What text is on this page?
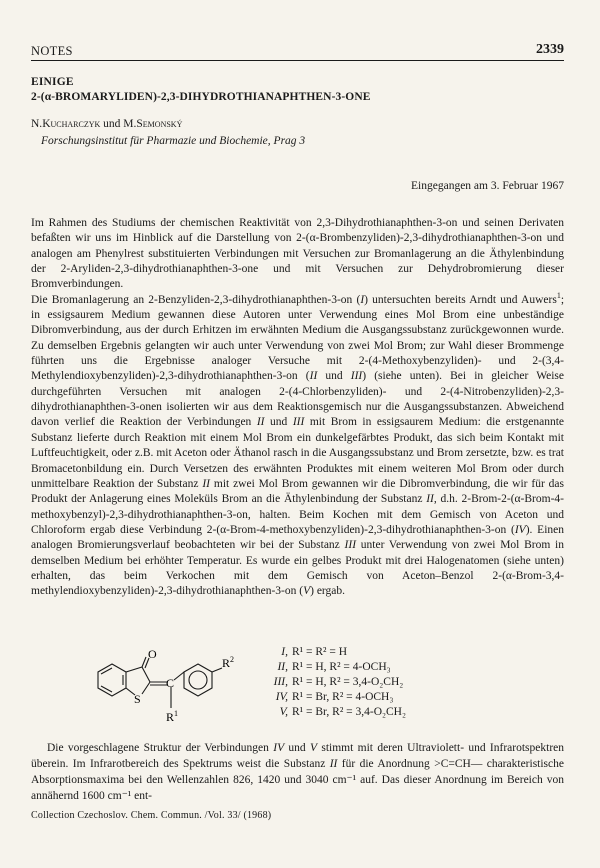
NOTES	2339
EINIGE
2-(α-BROMARYLIDEN)-2,3-DIHYDROTHIANAPHTHEN-3-ONE
N.Kucharczyk und M.Semonský
Forschungsinstitut für Pharmazie und Biochemie, Prag 3
Eingegangen am 3. Februar 1967

Im Rahmen des Studiums der chemischen Reaktivität von 2,3-Dihydrothianaphthen-3-on und seinen Derivaten befaßten wir uns im Hinblick auf die Darstellung von 2-(α-Brombenzyliden)-2,3-dihydrothianaphthen-3-on und analogen am Phenylrest substituierten Verbindungen mit Versuchen zur Bromanlagerung an die Äthylenbindung der 2-Aryliden-2,3-dihydrothianaphthen-3-one und mit Versuchen zur Dehydrobromierung dieser Bromverbindungen.

Die Bromanlagerung an 2-Benzyliden-2,3-dihydrothianaphthen-3-on (I) untersuchten bereits Arndt und Auwers$^1$; in essigsaurem Medium gewannen diese Autoren unter Verwendung eines Mol Brom eine unbeständige Dibromverbindung, aus der durch Erhitzen im erwähnten Medium die Ausgangssubstanz zurückgewonnen wurde. Zu demselben Ergebnis gelangten wir auch unter Verwendung von zwei Mol Brom; zur Wahl dieser Brommenge führten uns die Ergebnisse analoger Versuche mit 2-(4-Methoxybenzyliden)- und 2-(3,4-Methylendioxybenzyliden)-2,3-dihydrothianaphthen-3-on (II und III) (siehe unten). Bei in gleicher Weise durchgeführten Versuchen mit analogen 2-(4-Chlorbenzyliden)- und 2-(4-Nitrobenzyliden)-2,3-dihydrothianaphthen-3-onen isolierten wir aus dem Reaktionsgemisch nur die Ausgangssubstanzen. Abweichend davon verlief die Reaktion der Verbindungen II und III mit Brom in essigsaurem Medium: die erstgenannte Substanz lieferte durch Reaktion mit einem Mol Brom ein dunkelgefärbtes Produkt, das sich beim Kontakt mit Luftfeuchtigkeit, oder z.B. mit Aceton oder Äthanol rasch in die Ausgangssubstanz und Brom zersetzte, bzw. es trat Bromacetonbildung ein. Durch Versetzen des erwähnten Produktes mit einem weiteren Mol Brom oder durch unmittelbare Reaktion der Substanz II mit zwei Mol Brom gewannen wir die Dibromverbindung, die wir für das Produkt der Anlagerung eines Moleküls Brom an die Äthylenbindung der Substanz II, d.h. 2-Brom-2-(α-Brom-4-methoxybenzyl)-2,3-dihydrothianaphthen-3-on, halten. Beim Kochen mit dem Gemisch von Aceton und Chloroform ergab diese Verbindung 2-(α-Brom-4-methoxybenzyliden)-2,3-dihydrothianaphthen-3-on (IV). Einen analogen Bromierungsverlauf beobachteten wir bei der Substanz III unter Verwendung von zwei Mol Brom in demselben Medium bei erhöhter Temperatur. Es wurde ein gelbes Produkt mit drei Halogenatomen (siehe unten) erhalten, das beim Verkochen mit dem Gemisch von Aceton–Benzol 2-(α-Brom-3,4-methylendioxybenzyliden)-2,3-dihydrothianaphthen-3-on (V) ergab.

O
S
C
$R^1$
$R^2$
I, R¹ = R² = H
II, R¹ = H, R² = 4-OCH₃
III, R¹ = H, R² = 3,4-O₂CH₂
IV, R¹ = Br, R² = 4-OCH₃
V, R¹ = Br, R² = 3,4-O₂CH₂

Die vorgeschlagene Struktur der Verbindungen IV und V stimmt mit deren Ultraviolett- und Infrarotspektren überein. Im Infrarotbereich des Spektrums weist die Substanz II für die Anordnung >C=CH— charakteristische Absorptionsmaxima bei den Wellenzahlen 826, 1420 und 3040 cm⁻¹ auf. Das dieser Anordnung im Bereich von annähernd 1600 cm⁻¹ ent-

Collection Czechoslov. Chem. Commun. /Vol. 33/ (1968)
